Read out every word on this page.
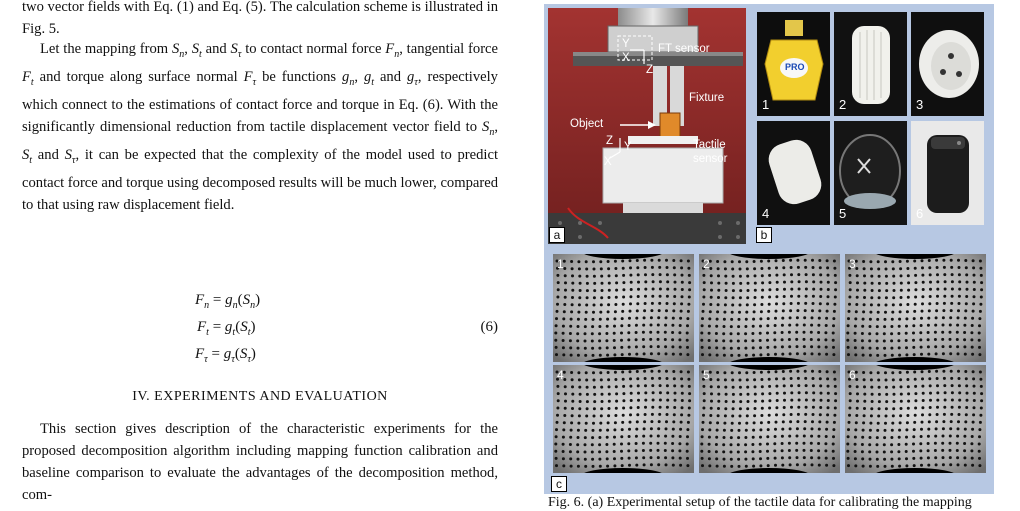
two vector fields with Eq. (1) and Eq. (5). The calculation scheme is illustrated in Fig. 5.

Let the mapping from $S_n$, $S_t$ and $S_\tau$ to contact normal force $F_n$, tangential force $F_t$ and torque along surface normal $F_\tau$ be functions $g_n$, $g_t$ and $g_\tau$, respectively which connect to the estimations of contact force and torque in Eq. (6). With the significantly dimensional reduction from tactile displacement vector field to $S_n$, $S_t$ and $S_\tau$, it can be expected that the complexity of the model used to predict contact force and torque using decomposed results will be much lower, compared to that using raw displacement field.

$F_n = g_n(S_n)$
$F_t = g_t(S_t)$
$F_\tau = g_\tau(S_\tau)$
(6)
IV. EXPERIMENTS AND EVALUATION

This section gives description of the characteristic experiments for the proposed decomposition algorithm including mapping function calibration and baseline comparison to evaluate the advantages of the decomposition method, com-

Y
X
Z
FT sensor
Fixture
Object
Z Y
X
Tactile
sensor
a
PRO
1	2	3
4	5	6
b
1	2	3
4	5	6
c
Fig. 6. (a) Experimental setup of the tactile data for calibrating the mapping
